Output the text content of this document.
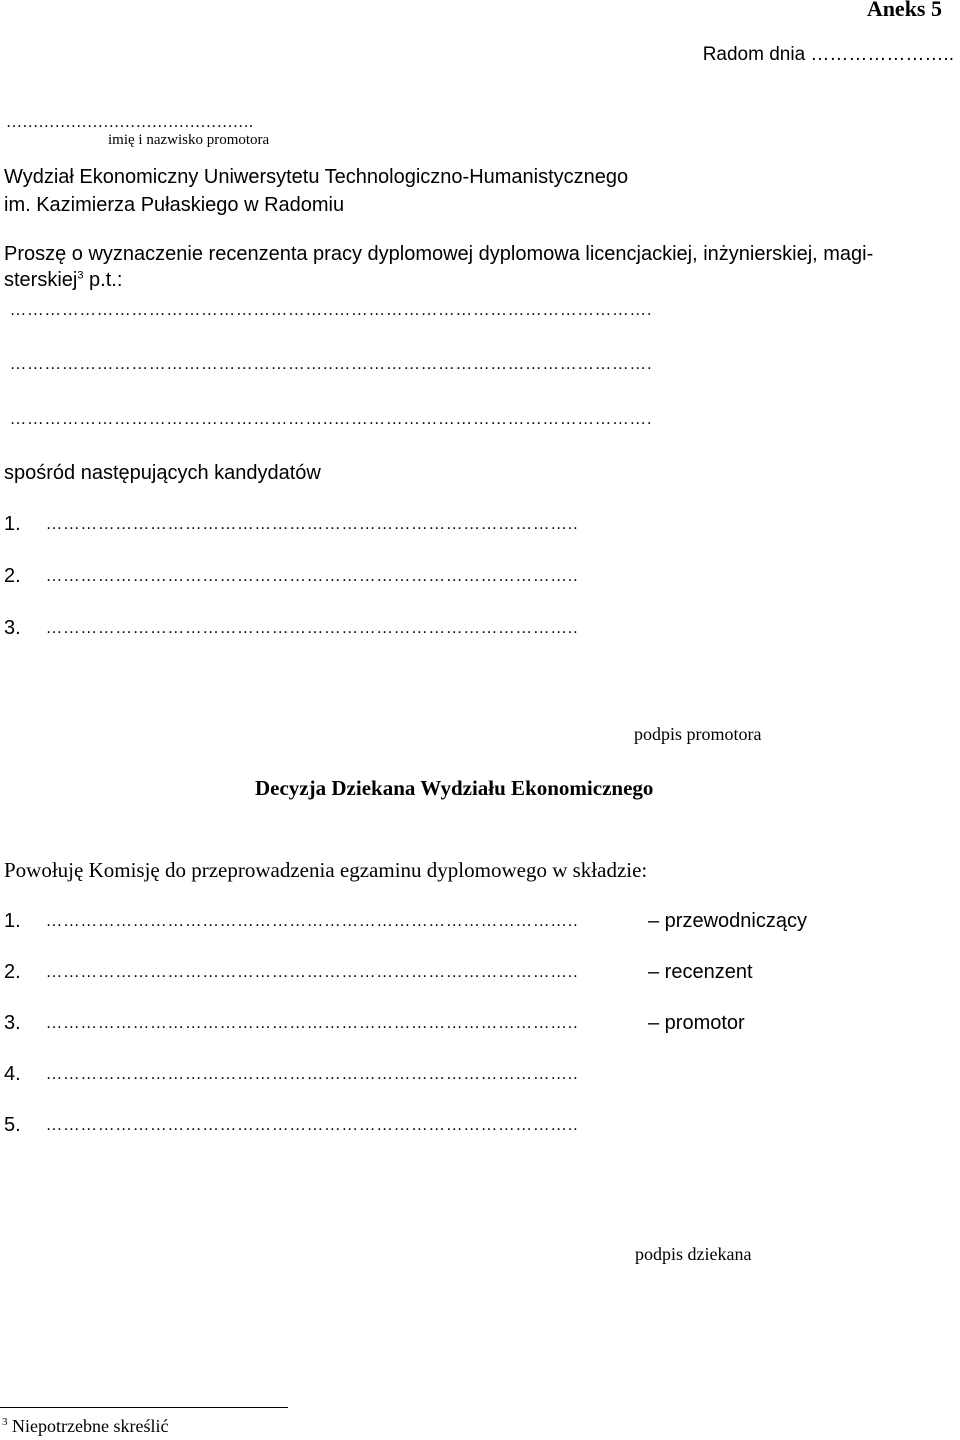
Aneks 5
Radom dnia …………………..
……………………………………….
imię i nazwisko promotora
Wydział Ekonomiczny Uniwersytetu Technologiczno-Humanistycznego
im. Kazimierza Pułaskiego w Radomiu
Proszę o wyznaczenie recenzenta pracy dyplomowej dyplomowa licencjackiej, inżynierskiej, magi-
sterskiej$^3$ p.t.:
………………………………………………..……………………………………………….
………………………………………………..……………………………………………….
………………………………………………..……………………………………………….
spośród następujących kandydatów
1. ………………………………………………………………………………..
2. ………………………………………………………………………………..
3. ………………………………………………………………………………..
podpis promotora
Decyzja Dziekana Wydziału Ekonomicznego
Powołuję Komisję do przeprowadzenia egzaminu dyplomowego w składzie:
1. ………………………………………………………………………………..	– przewodniczący
2. ………………………………………………………………………………..	– recenzent
3. ………………………………………………………………………………..	– promotor
4. ………………………………………………………………………………..
5. ………………………………………………………………………………..
podpis dziekana
$^3$ Niepotrzebne skreślić
